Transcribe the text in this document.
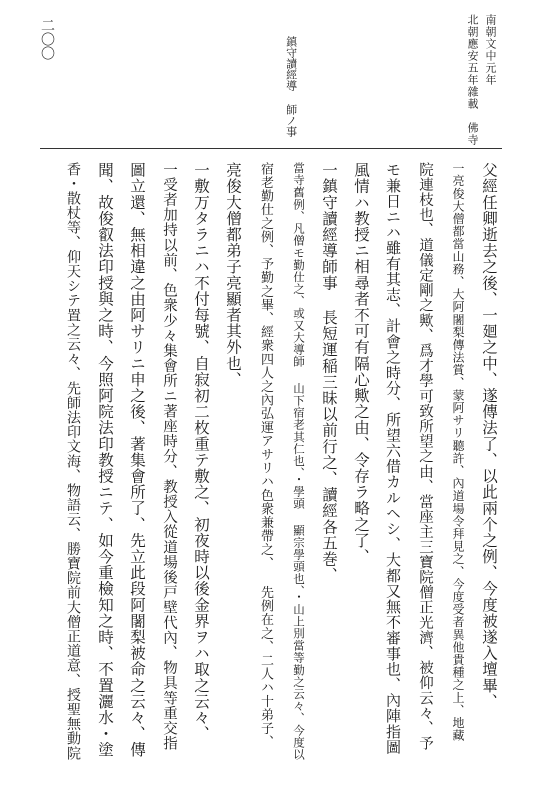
南朝文中元年
北朝應安五年雜載
佛寺
二〇〇	鎮守讀經導 師ノ事
父經任卿逝去之後、一廻之中、遂傳法了、以此兩个之例、今度被遂入壇畢、
一亮俊大僧都當山務、大阿闍梨傳法賞、蒙阿サリ聽許、內道場令拜見之、今度受者異他貴種之上、地藏
院連枝也、道儀定剛之歟、爲才學可致所望之由、當座主三寶院僧正光濟、被仰云々、予
モ兼日ニハ雖有其志、計會之時分、所望六借カルヘシ、大都又無不審事也、內陣指圖
風情ハ教授ニ相尋者不可有隔心歟之由、令存ラ略之了、
一鎮守讀經導師事 長短運稲三昧以前行之、讀經各五巻、
當寺舊例、凡僧モ勤仕之、或又大導師 山下宿老其仁也、・學頭 顯宗學頭也、・山上別當等勤之云々、今度以
宿老勤仕之例、予勤之畢、經衆四人之內弘運アサリハ色衆兼帶之、 先例在之、二人ハ十弟子、
亮俊大僧都弟子亮顯者其外也、
一敷万タラニハ不付每號、自寂初二枚重テ敷之、初夜時以後金界ヲハ取之云々、
一受者加持以前、色衆少々集會所ニ著座時分、教授入從道場後戸壁代內、物具等重交指
圖立還、無相違之由阿サリニ申之後、著集會所了、先立此段阿闍梨被命之云々、傳
聞、故俊叡法印授與之時、今照阿院法印教授ニテ、如今重檢知之時、不置灑水・塗
香・散杖等、仰天シテ置之云々、先師法印文海、物語云、勝寶院前大僧正道意、授聖無動院
